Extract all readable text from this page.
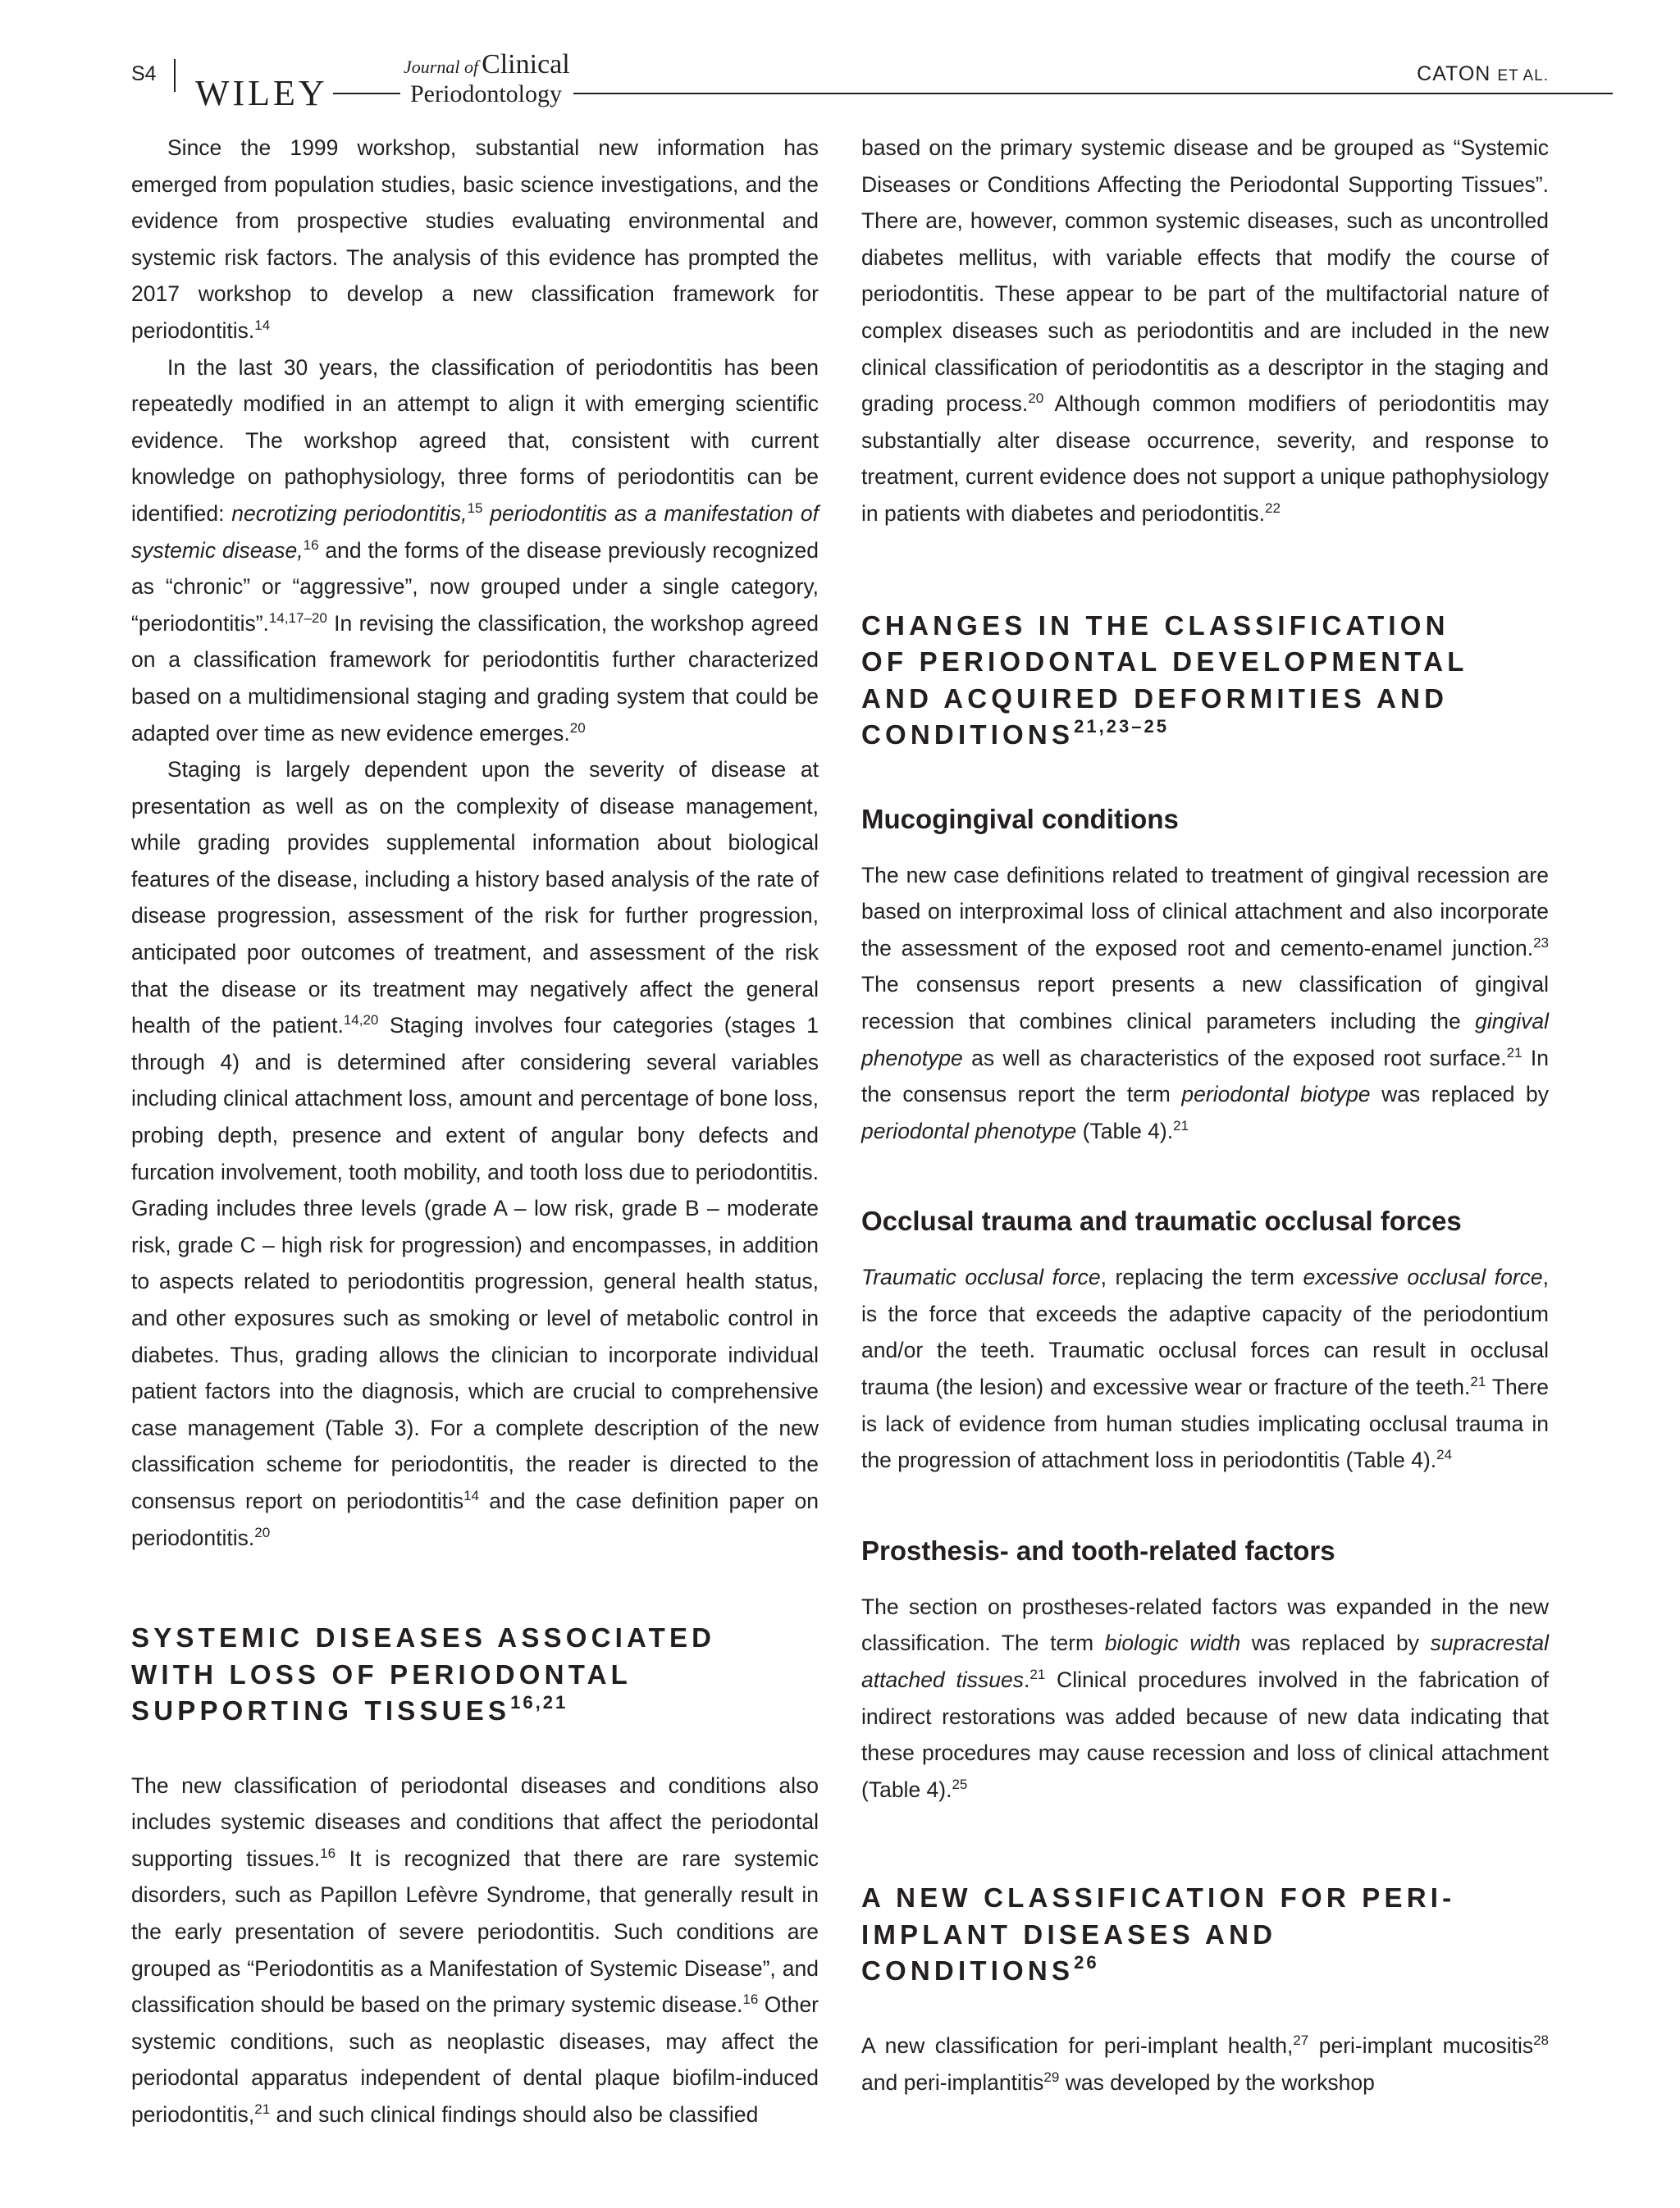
S4 WILEY
Journal of Clinical
Periodontology
CATON ET AL.

Since the 1999 workshop, substantial new information has emerged from population studies, basic science investigations, and the evidence from prospective studies evaluating environmental and systemic risk factors. The analysis of this evidence has prompted the 2017 workshop to develop a new classification framework for periodontitis.$^{14}$

In the last 30 years, the classification of periodontitis has been repeatedly modified in an attempt to align it with emerging scientific evidence. The workshop agreed that, consistent with current knowledge on pathophysiology, three forms of periodontitis can be identified: necrotizing periodontitis,$^{15}$ periodontitis as a manifestation of systemic disease,$^{16}$ and the forms of the disease previously recognized as “chronic” or “aggressive”, now grouped under a single category, “periodontitis”.$^{14,17-20}$ In revising the classification, the workshop agreed on a classification framework for periodontitis further characterized based on a multidimensional staging and grading system that could be adapted over time as new evidence emerges.$^{20}$

Staging is largely dependent upon the severity of disease at presentation as well as on the complexity of disease management, while grading provides supplemental information about biological features of the disease, including a history based analysis of the rate of disease progression, assessment of the risk for further progression, anticipated poor outcomes of treatment, and assessment of the risk that the disease or its treatment may negatively affect the general health of the patient.$^{14,20}$ Staging involves four categories (stages 1 through 4) and is determined after considering several variables including clinical attachment loss, amount and percentage of bone loss, probing depth, presence and extent of angular bony defects and furcation involvement, tooth mobility, and tooth loss due to periodontitis. Grading includes three levels (grade A – low risk, grade B – moderate risk, grade C – high risk for progression) and encompasses, in addition to aspects related to periodontitis progression, general health status, and other exposures such as smoking or level of metabolic control in diabetes. Thus, grading allows the clinician to incorporate individual patient factors into the diagnosis, which are crucial to comprehensive case management (Table 3). For a complete description of the new classification scheme for periodontitis, the reader is directed to the consensus report on periodontitis$^{14}$ and the case definition paper on periodontitis.$^{20}$

SYSTEMIC DISEASES ASSOCIATED WITH LOSS OF PERIODONTAL SUPPORTING TISSUES$^{16,21}$

The new classification of periodontal diseases and conditions also includes systemic diseases and conditions that affect the periodontal supporting tissues.$^{16}$ It is recognized that there are rare systemic disorders, such as Papillon Lefèvre Syndrome, that generally result in the early presentation of severe periodontitis. Such conditions are grouped as “Periodontitis as a Manifestation of Systemic Disease”, and classification should be based on the primary systemic disease.$^{16}$ Other systemic conditions, such as neoplastic diseases, may affect the periodontal apparatus independent of dental plaque biofilm-induced periodontitis,$^{21}$ and such clinical findings should also be classified

based on the primary systemic disease and be grouped as “Systemic Diseases or Conditions Affecting the Periodontal Supporting Tissues”. There are, however, common systemic diseases, such as uncontrolled diabetes mellitus, with variable effects that modify the course of periodontitis. These appear to be part of the multifactorial nature of complex diseases such as periodontitis and are included in the new clinical classification of periodontitis as a descriptor in the staging and grading process.$^{20}$ Although common modifiers of periodontitis may substantially alter disease occurrence, severity, and response to treatment, current evidence does not support a unique pathophysiology in patients with diabetes and periodontitis.$^{22}$

CHANGES IN THE CLASSIFICATION OF PERIODONTAL DEVELOPMENTAL AND ACQUIRED DEFORMITIES AND CONDITIONS$^{21,23-25}$
Mucogingival conditions

The new case definitions related to treatment of gingival recession are based on interproximal loss of clinical attachment and also incorporate the assessment of the exposed root and cemento-enamel junction.$^{23}$ The consensus report presents a new classification of gingival recession that combines clinical parameters including the gingival phenotype as well as characteristics of the exposed root surface.$^{21}$ In the consensus report the term periodontal biotype was replaced by periodontal phenotype (Table 4).$^{21}$

Occlusal trauma and traumatic occlusal forces

Traumatic occlusal force, replacing the term excessive occlusal force, is the force that exceeds the adaptive capacity of the periodontium and/or the teeth. Traumatic occlusal forces can result in occlusal trauma (the lesion) and excessive wear or fracture of the teeth.$^{21}$ There is lack of evidence from human studies implicating occlusal trauma in the progression of attachment loss in periodontitis (Table 4).$^{24}$

Prosthesis- and tooth-related factors

The section on prostheses-related factors was expanded in the new classification. The term biologic width was replaced by supracrestal attached tissues.$^{21}$ Clinical procedures involved in the fabrication of indirect restorations was added because of new data indicating that these procedures may cause recession and loss of clinical attachment (Table 4).$^{25}$

A NEW CLASSIFICATION FOR PERI-IMPLANT DISEASES AND CONDITIONS$^{26}$

A new classification for peri-implant health,$^{27}$ peri-implant mucositis$^{28}$ and peri-implantitis$^{29}$ was developed by the workshop
